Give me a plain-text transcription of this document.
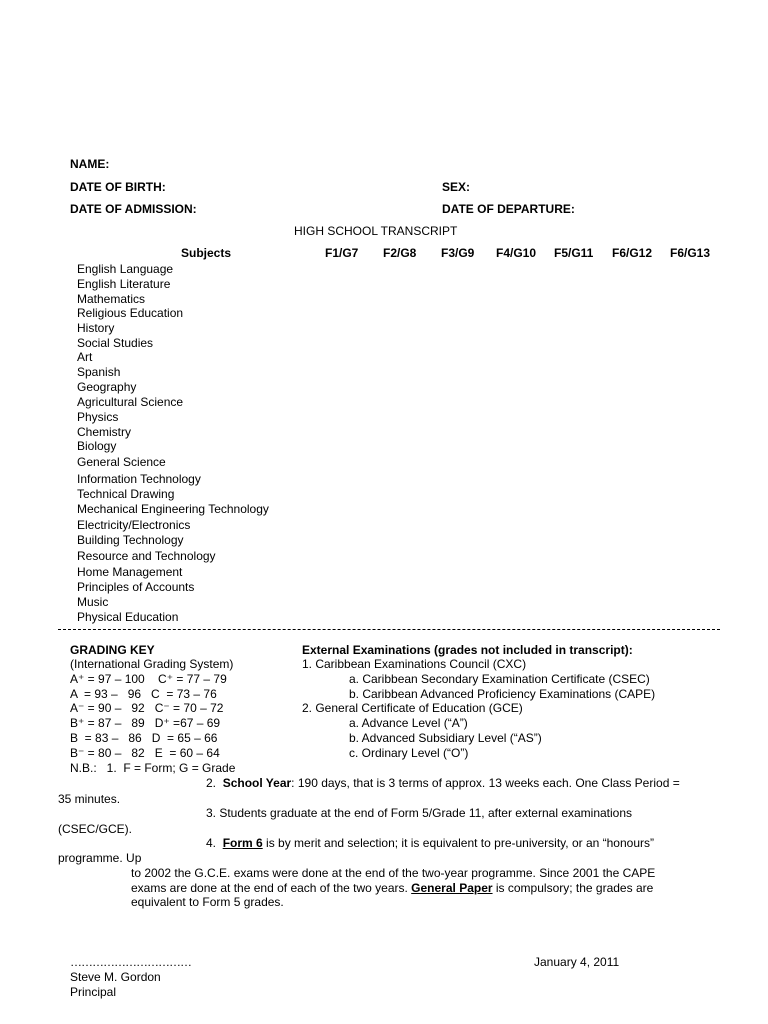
NAME:
DATE OF BIRTH:	SEX:
DATE OF ADMISSION:	DATE OF DEPARTURE:
HIGH SCHOOL TRANSCRIPT
Subjects	F1/G7 F2/G8 F3/G9 F4/G10 F5/G11 F6/G12 F6/G13
English Language
English Literature
Mathematics
Religious Education
History
Social Studies
Art
Spanish
Geography
Agricultural Science
Physics
Chemistry
Biology
General Science
Information Technology
Technical Drawing
Mechanical Engineering Technology
Electricity/Electronics
Building Technology
Resource and Technology
Home Management
Principles of Accounts
Music
Physical Education
GRADING KEY
(International Grading System)
A⁺ = 97 – 100    C⁺ = 77 – 79
A  = 93 –   96   C  = 73 – 76
A⁻ = 90 –   92   C⁻ = 70 – 72
B⁺ = 87 –   89   D⁺ =67 – 69
B  = 83 –   86   D  = 65 – 66
B⁻ = 80 –   82   E  = 60 – 64
N.B.:   1.  F = Form; G = Grade
External Examinations (grades not included in transcript):
1. Caribbean Examinations Council (CXC)
a. Caribbean Secondary Examination Certificate (CSEC)
b. Caribbean Advanced Proficiency Examinations (CAPE)
2. General Certificate of Education (GCE)
a. Advance Level (“A”)
b. Advanced Subsidiary Level (“AS”)
c. Ordinary Level (“O”)
2. School Year: 190 days, that is 3 terms of approx. 13 weeks each. One Class Period =
35 minutes.
3. Students graduate at the end of Form 5/Grade 11, after external examinations
(CSEC/GCE).
4. Form 6 is by merit and selection; it is equivalent to pre-university, or an “honours”
programme. Up
to 2002 the G.C.E. exams were done at the end of the two-year programme. Since 2001 the CAPE
exams are done at the end of each of the two years. General Paper is compulsory; the grades are
equivalent to Form 5 grades.
……………………………
Steve M. Gordon
Principal
January 4, 2011
